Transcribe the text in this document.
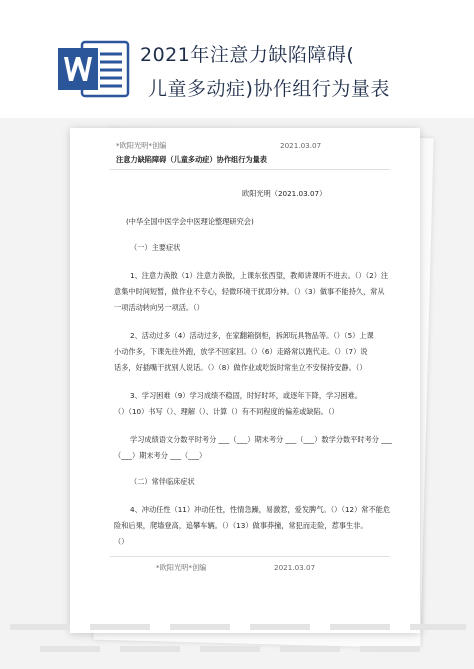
2021年注意力缺陷障碍(
儿童多动症)协作组行为量表
*欧阳光明*创编	2021.03.07
注意力缺陷障碍（儿童多动症）协作组行为量表
欧阳光明（2021.03.07）
(中华全国中医学会中医理论整理研究会)
（一）主要症状
1、注意力涣散（1）注意力涣散，上课东张西望，教师讲课听不进去。（）（2）注
意集中时间短暂，做作业不专心，轻微环境干扰即分神。（）（3）做事不能持久，常从
一项活动转向另一项活。（）
2、活动过多（4）活动过多，在家翻箱倒柜，拆卸玩具物品等。（）（5）上课
小动作多，下课先往外跑，放学不回家回。（）（6）走路常以跑代走。（）（7）说
话多，好插嘴干扰别人说话。（）（8）做作业或吃饭时常坐立不安保持安静。（）
3、学习困难（9）学习成绩不稳固，时好时坏，或逐年下降，学习困难。
（）（10）书写（）、理解（）、计算（）有不同程度的偏差或缺陷。（）
学习成绩语文分数平时考分 ___（___）期末考分 ___（___）数学分数平时考分 ___
（___）期末考分 ___（___）
（二）常伴临床症状
4、冲动任性（11）冲动任性，性情急躁，易激惹，爱发脾气。（）（12）常不能危
险和后果，爬墙登高，追攀车辆。（）（13）做事莽撞，常犯而走险，惹事生非。
（）
*欧阳光明*创编	2021.03.07
